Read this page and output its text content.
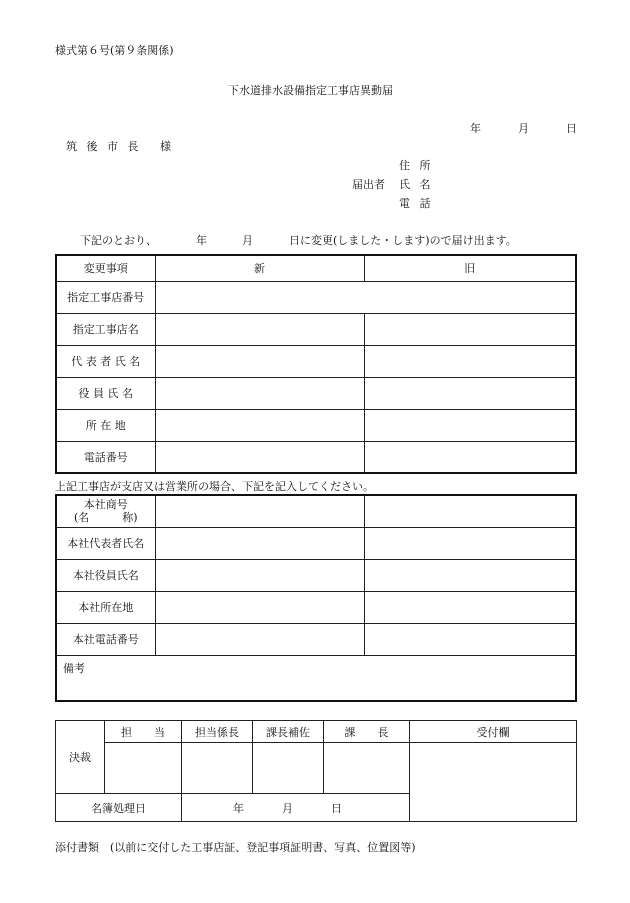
様式第６号(第９条関係)
下水道排水設備指定工事店異動届
年	月	日
筑 後 市 長 様
住 所
届出者 氏 名
電 話
下記のとおり、	年	月	日に変更(しました・します)ので届け出ます。
変更事項	新	旧
指定工事店番号		
指定工事店名		
代 表 者 氏 名		
役 員 氏 名		
所 在 地		
電話番号		
上記工事店が支店又は営業所の場合、下記を記入してください。
本社商号
(名　　　称)		

本社代表者氏名		
本社役員氏名		
本社所在地		
本社電話番号		
備考		
決裁	担　　当	担当係長	課長補佐	課　　長	受付欄

名簿処理日		年 月 日			
添付書類　(以前に交付した工事店証、登記事項証明書、写真、位置図等)
